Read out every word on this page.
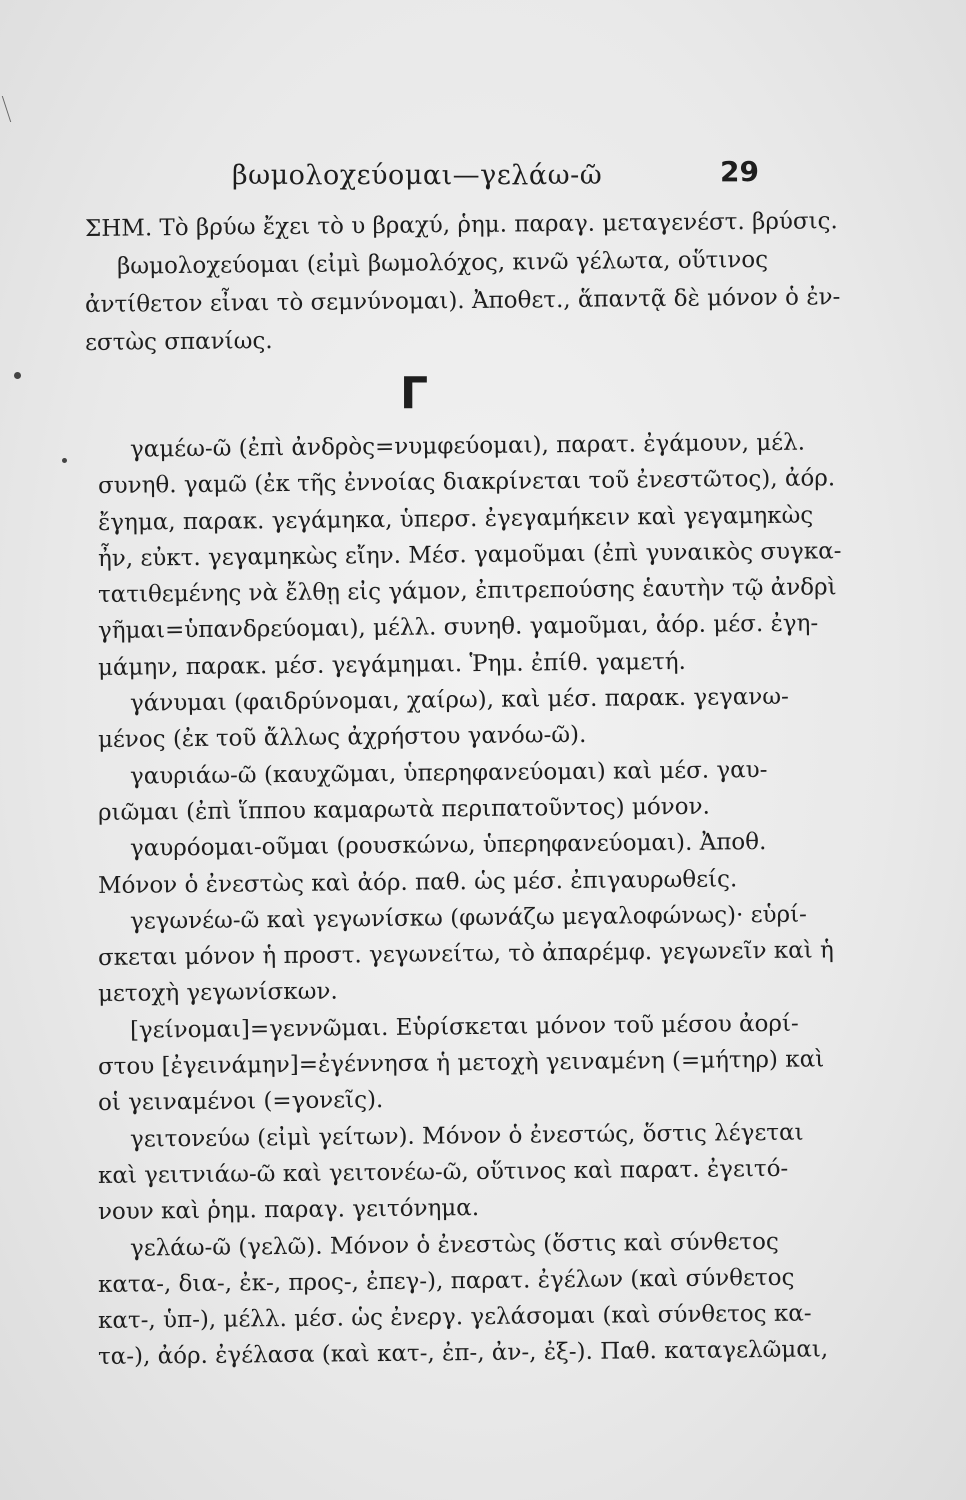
βωμολοχεύομαι—γελάω-ῶ	29
ΣΗΜ. Τὸ βρύω ἔχει τὸ υ βραχύ, ῥημ. παραγ. μεταγενέστ. βρύσις.
βωμολοχεύομαι (εἰμὶ βωμολόχος, κινῶ γέλωτα, οὕτινος
ἀντίθετον εἶναι τὸ σεμνύνομαι). Ἀποθετ., ἅπαντᾷ δὲ μόνον ὁ ἐν-
εστὼς σπανίως.
Γ
γαμέω-ῶ (ἐπὶ ἀνδρὸς=νυμφεύομαι), παρατ. ἐγάμουν, μέλ.
συνηθ. γαμῶ (ἐκ τῆς ἐννοίας διακρίνεται τοῦ ἐνεστῶτος), ἀόρ.
ἔγημα, παρακ. γεγάμηκα, ὑπερσ. ἐγεγαμήκειν καὶ γεγαμηκὼς
ἦν, εὐκτ. γεγαμηκὼς εἴην. Μέσ. γαμοῦμαι (ἐπὶ γυναικὸς συγκα-
τατιθεμένης νὰ ἔλθῃ εἰς γάμον, ἐπιτρεπούσης ἑαυτὴν τῷ ἀνδρὶ
γῆμαι=ὑπανδρεύομαι), μέλλ. συνηθ. γαμοῦμαι, ἀόρ. μέσ. ἐγη-
μάμην, παρακ. μέσ. γεγάμημαι. Ῥημ. ἐπίθ. γαμετή.
γάνυμαι (φαιδρύνομαι, χαίρω), καὶ μέσ. παρακ. γεγανω-
μένος (ἐκ τοῦ ἄλλως ἀχρήστου γανόω-ῶ).
γαυριάω-ῶ (καυχῶμαι, ὑπερηφανεύομαι) καὶ μέσ. γαυ-
ριῶμαι (ἐπὶ ἵππου καμαρωτὰ περιπατοῦντος) μόνον.
γαυρόομαι-οῦμαι (ρουσκώνω, ὑπερηφανεύομαι). Ἀποθ.
Μόνον ὁ ἐνεστὼς καὶ ἀόρ. παθ. ὡς μέσ. ἐπιγαυρωθείς.
γεγωνέω-ῶ καὶ γεγωνίσκω (φωνάζω μεγαλοφώνως)· εὑρί-
σκεται μόνον ἡ προστ. γεγωνείτω, τὸ ἀπαρέμφ. γεγωνεῖν καὶ ἡ
μετοχὴ γεγωνίσκων.
[γείνομαι]=γεννῶμαι. Εὑρίσκεται μόνον τοῦ μέσου ἀορί-
στου [ἐγεινάμην]=ἐγέννησα ἡ μετοχὴ γειναμένη (=μήτηρ) καὶ
οἱ γειναμένοι (=γονεῖς).
γειτονεύω (εἰμὶ γείτων). Μόνον ὁ ἐνεστώς, ὅστις λέγεται
καὶ γειτνιάω-ῶ καὶ γειτονέω-ῶ, οὕτινος καὶ παρατ. ἐγειτό-
νουν καὶ ῥημ. παραγ. γειτόνημα.
γελάω-ῶ (γελῶ). Μόνον ὁ ἐνεστὼς (ὅστις καὶ σύνθετος
κατα-, δια-, ἐκ-, προς-, ἐπεγ-), παρατ. ἐγέλων (καὶ σύνθετος
κατ-, ὑπ-), μέλλ. μέσ. ὡς ἐνεργ. γελάσομαι (καὶ σύνθετος κα-
τα-), ἀόρ. ἐγέλασα (καὶ κατ-, ἐπ-, ἀν-, ἐξ-). Παθ. καταγελῶμαι,
